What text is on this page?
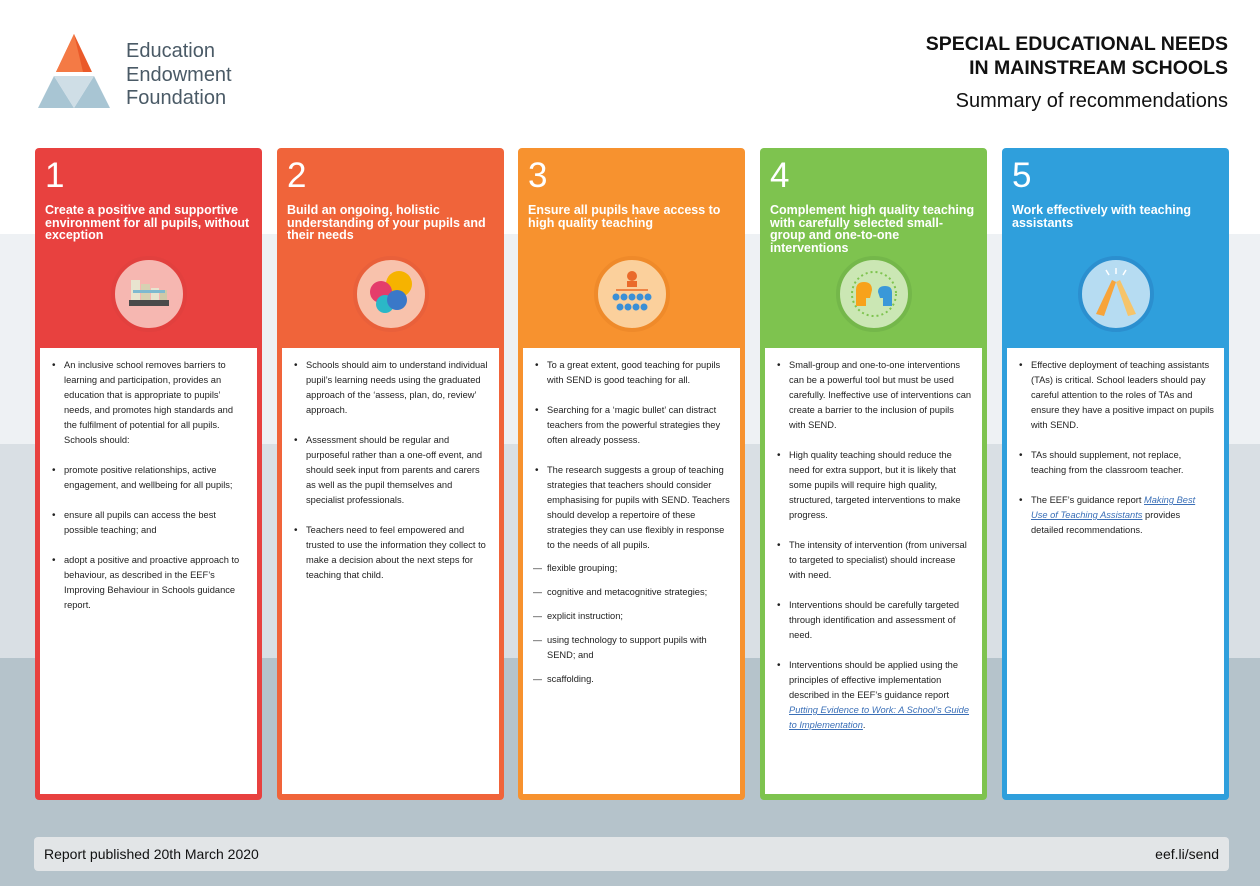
Education
Endowment
Foundation
SPECIAL EDUCATIONAL NEEDS
IN MAINSTREAM SCHOOLS
Summary of recommendations
1
Create a positive and supportive environment for all pupils, without exception
• An inclusive school removes barriers to learning and participation, provides an education that is appropriate to pupils’ needs, and promotes high standards and the fulfilment of potential for all pupils. Schools should:
• promote positive relationships, active engagement, and wellbeing for all pupils;
• ensure all pupils can access the best possible teaching; and
• adopt a positive and proactive approach to behaviour, as described in the EEF’s Improving Behaviour in Schools guidance report.
2
Build an ongoing, holistic understanding of your pupils and their needs
• Schools should aim to understand individual pupil’s learning needs using the graduated approach of the ‘assess, plan, do, review’ approach.
• Assessment should be regular and purposeful rather than a one-off event, and should seek input from parents and carers as well as the pupil themselves and specialist professionals.
• Teachers need to feel empowered and trusted to use the information they collect to make a decision about the next steps for teaching that child.
3
Ensure all pupils have access to high quality teaching
• To a great extent, good teaching for pupils with SEND is good teaching for all.
• Searching for a ‘magic bullet’ can distract teachers from the powerful strategies they often already possess.
• The research suggests a group of teaching strategies that teachers should consider emphasising for pupils with SEND. Teachers should develop a repertoire of these strategies they can use flexibly in response to the needs of all pupils.
— flexible grouping;
— cognitive and metacognitive strategies;
— explicit instruction;
— using technology to support pupils with SEND; and
— scaffolding.
4
Complement high quality teaching with carefully selected small-group and one-to-one interventions
• Small-group and one-to-one interventions can be a powerful tool but must be used carefully. Ineffective use of interventions can create a barrier to the inclusion of pupils with SEND.
• High quality teaching should reduce the need for extra support, but it is likely that some pupils will require high quality, structured, targeted interventions to make progress.
• The intensity of intervention (from universal to targeted to specialist) should increase with need.
• Interventions should be carefully targeted through identification and assessment of need.
• Interventions should be applied using the principles of effective implementation described in the EEF’s guidance report Putting Evidence to Work: A School’s Guide to Implementation.
5
Work effectively with teaching assistants
• Effective deployment of teaching assistants (TAs) is critical. School leaders should pay careful attention to the roles of TAs and ensure they have a positive impact on pupils with SEND.
• TAs should supplement, not replace, teaching from the classroom teacher.
• The EEF’s guidance report Making Best Use of Teaching Assistants provides detailed recommendations.
Report published 20th March 2020	eef.li/send
